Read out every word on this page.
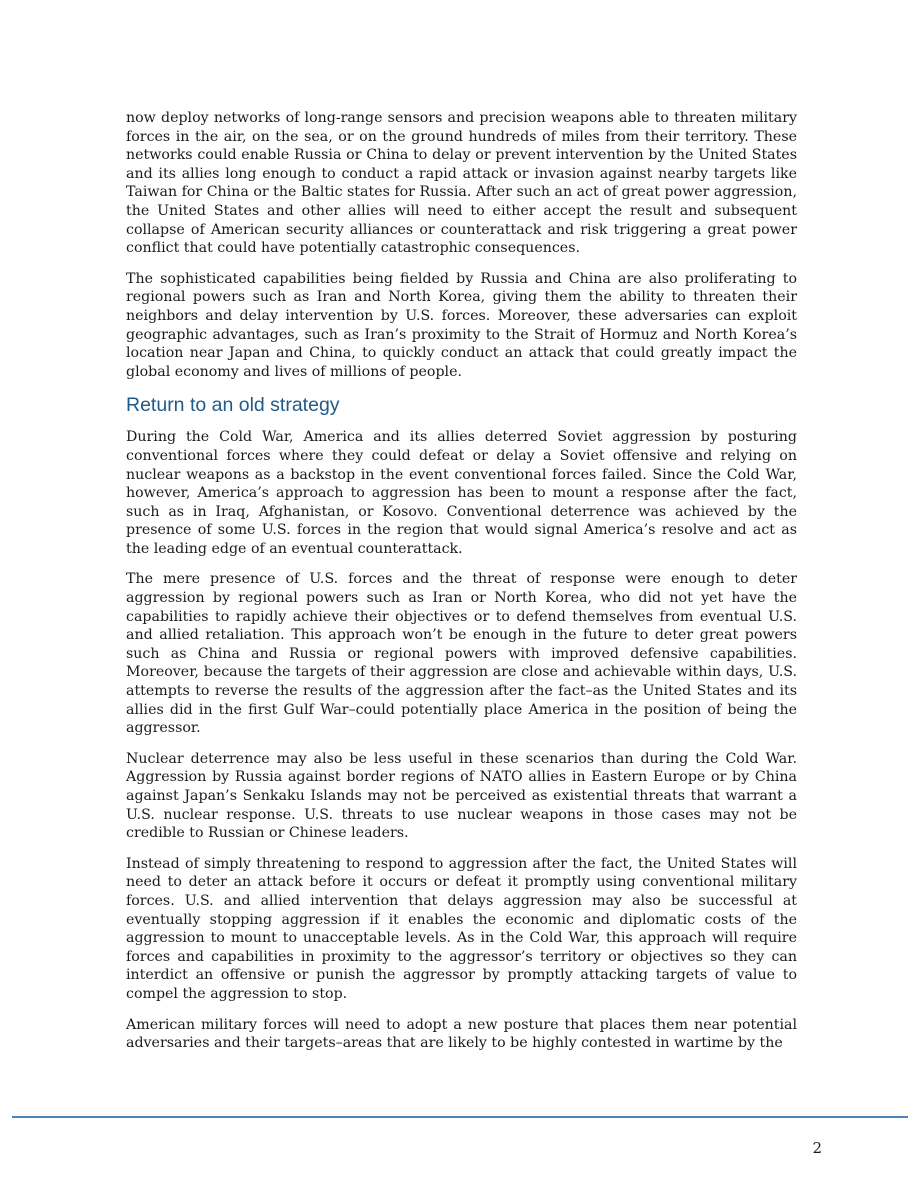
now deploy networks of long-range sensors and precision weapons able to threaten military forces in the air, on the sea, or on the ground hundreds of miles from their territory. These networks could enable Russia or China to delay or prevent intervention by the United States and its allies long enough to conduct a rapid attack or invasion against nearby targets like Taiwan for China or the Baltic states for Russia. After such an act of great power aggression, the United States and other allies will need to either accept the result and subsequent collapse of American security alliances or counterattack and risk triggering a great power conflict that could have potentially catastrophic consequences.

The sophisticated capabilities being fielded by Russia and China are also proliferating to regional powers such as Iran and North Korea, giving them the ability to threaten their neighbors and delay intervention by U.S. forces. Moreover, these adversaries can exploit geographic advantages, such as Iran’s proximity to the Strait of Hormuz and North Korea’s location near Japan and China, to quickly conduct an attack that could greatly impact the global economy and lives of millions of people.

Return to an old strategy

During the Cold War, America and its allies deterred Soviet aggression by posturing conventional forces where they could defeat or delay a Soviet offensive and relying on nuclear weapons as a backstop in the event conventional forces failed. Since the Cold War, however, America’s approach to aggression has been to mount a response after the fact, such as in Iraq, Afghanistan, or Kosovo. Conventional deterrence was achieved by the presence of some U.S. forces in the region that would signal America’s resolve and act as the leading edge of an eventual counterattack.

The mere presence of U.S. forces and the threat of response were enough to deter aggression by regional powers such as Iran or North Korea, who did not yet have the capabilities to rapidly achieve their objectives or to defend themselves from eventual U.S. and allied retaliation. This approach won’t be enough in the future to deter great powers such as China and Russia or regional powers with improved defensive capabilities. Moreover, because the targets of their aggression are close and achievable within days, U.S. attempts to reverse the results of the aggression after the fact–as the United States and its allies did in the first Gulf War–could potentially place America in the position of being the aggressor.

Nuclear deterrence may also be less useful in these scenarios than during the Cold War. Aggression by Russia against border regions of NATO allies in Eastern Europe or by China against Japan’s Senkaku Islands may not be perceived as existential threats that warrant a U.S. nuclear response. U.S. threats to use nuclear weapons in those cases may not be credible to Russian or Chinese leaders.

Instead of simply threatening to respond to aggression after the fact, the United States will need to deter an attack before it occurs or defeat it promptly using conventional military forces. U.S. and allied intervention that delays aggression may also be successful at eventually stopping aggression if it enables the economic and diplomatic costs of the aggression to mount to unacceptable levels. As in the Cold War, this approach will require forces and capabilities in proximity to the aggressor’s territory or objectives so they can interdict an offensive or punish the aggressor by promptly attacking targets of value to compel the aggression to stop.

American military forces will need to adopt a new posture that places them near potential adversaries and their targets–areas that are likely to be highly contested in wartime by the

2
